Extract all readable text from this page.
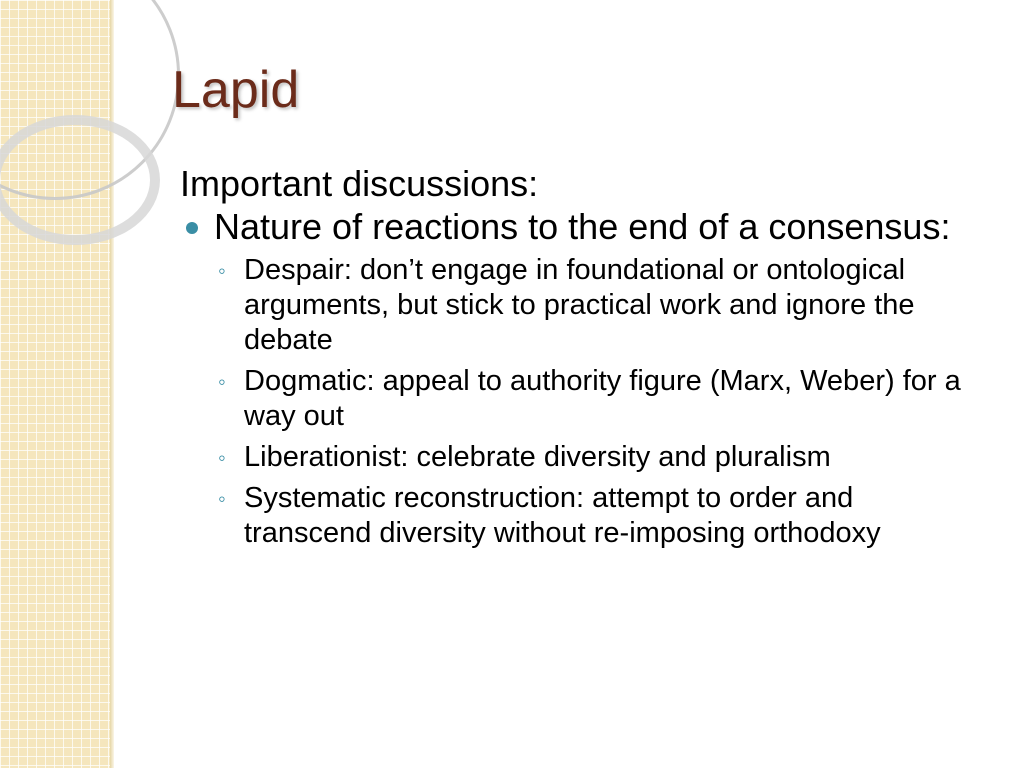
Lapid

Important discussions:

Nature of reactions to the end of a consensus:
◦ Despair: don’t engage in foundational or ontological arguments, but stick to practical work and ignore the debate
◦ Dogmatic: appeal to authority figure (Marx, Weber) for a way out
◦ Liberationist: celebrate diversity and pluralism
◦ Systematic reconstruction: attempt to order and transcend diversity without re-imposing orthodoxy
